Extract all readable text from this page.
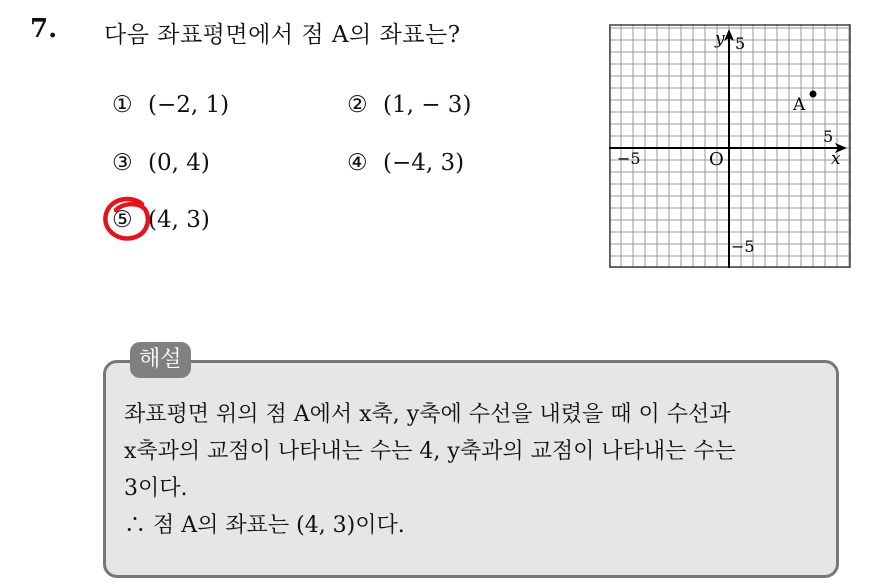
7. 다음 좌표평면에서 점 A의 좌표는?
① (−2, 1)	② (1, − 3)
③ (0, 4)	④ (−4, 3)
⑤ (4, 3)
y 5
5
x
−5
−5
O
A
해설
좌표평면 위의 점 A에서 x축, y축에 수선을 내렸을 때 이 수선과
x축과의 교점이 나타내는 수는 4, y축과의 교점이 나타내는 수는
3이다.
∴ 점 A의 좌표는 (4, 3)이다.
